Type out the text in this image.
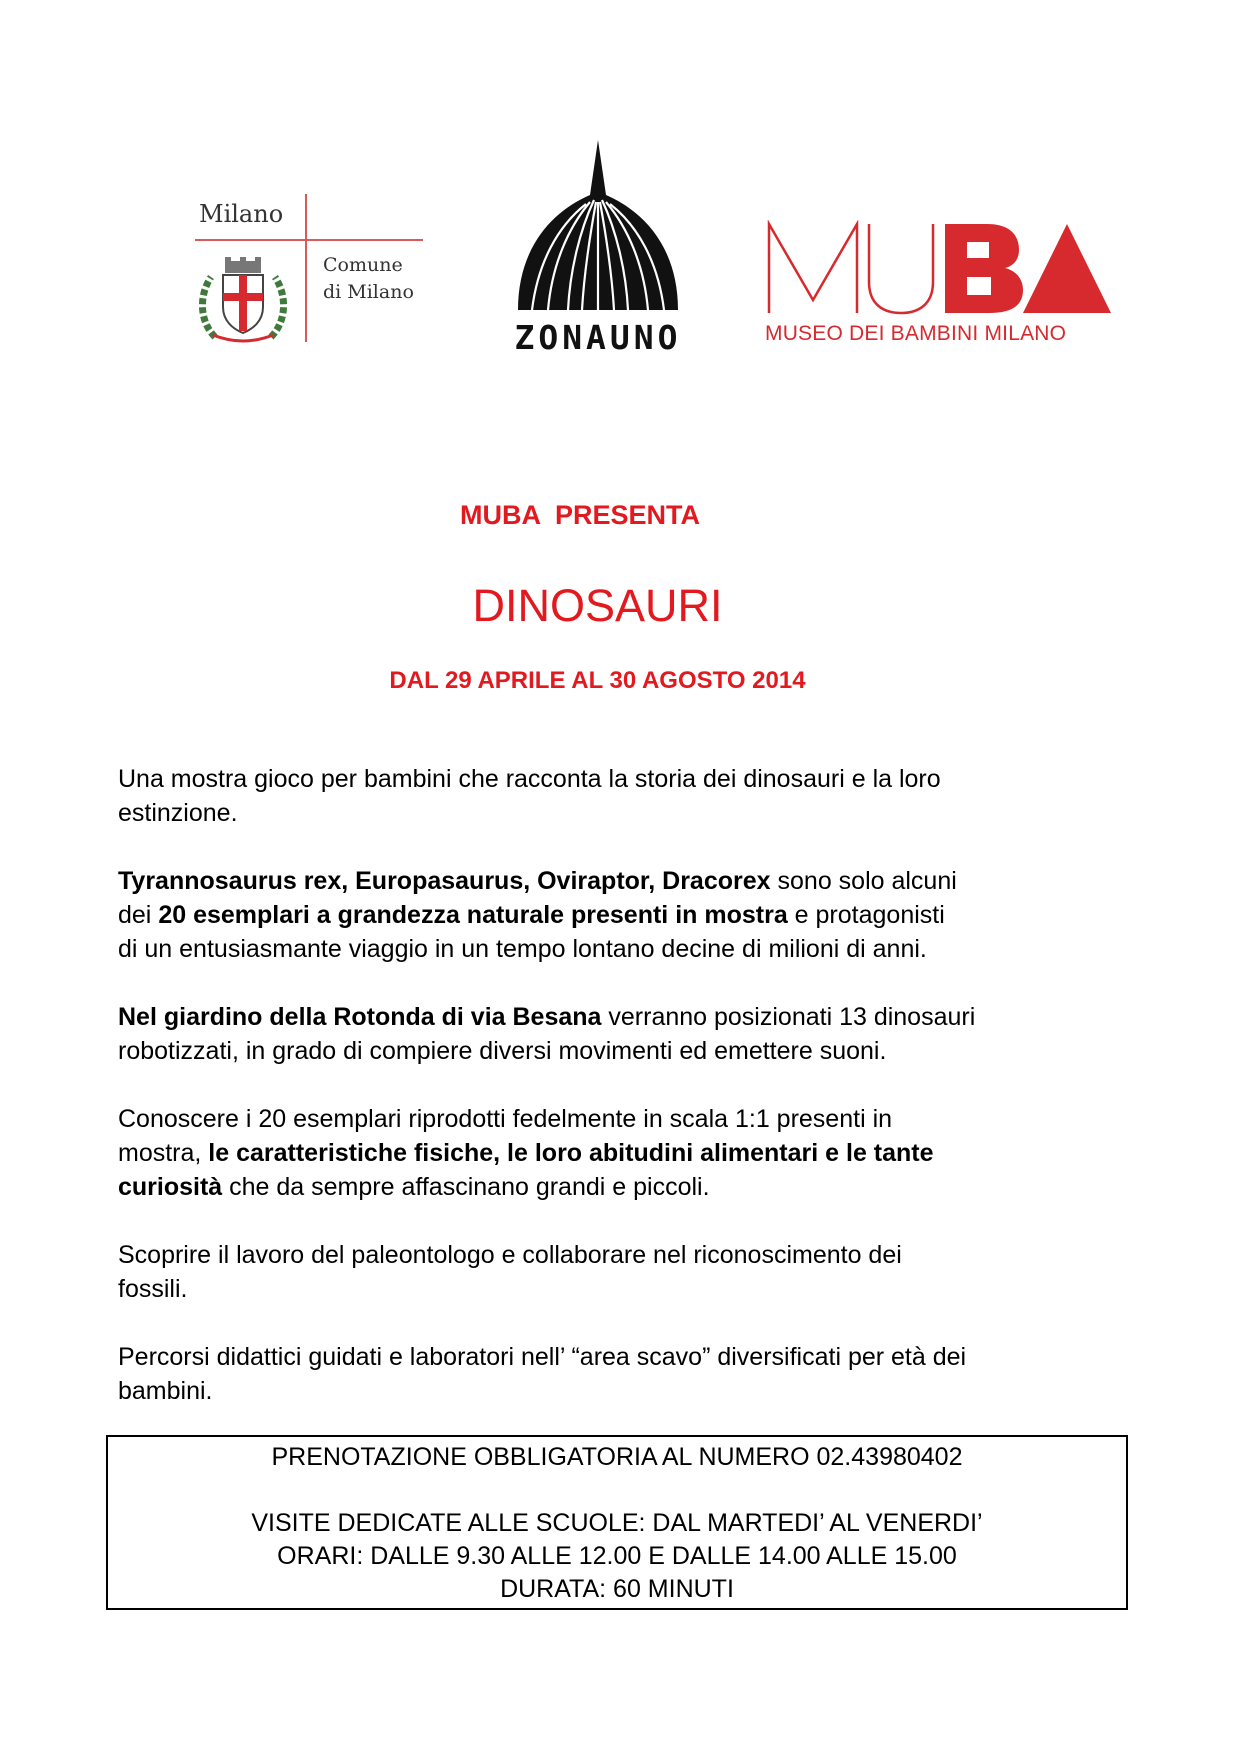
Milano
Comune
di Milano
ZONAUNO	MUSEO DEI BAMBINI MILANO
MUBA  PRESENTA
DINOSAURI
DAL 29 APRILE AL 30 AGOSTO 2014

Una mostra gioco per bambini che racconta la storia dei dinosauri e la loro
estinzione.

Tyrannosaurus rex, Europasaurus, Oviraptor, Dracorex sono solo alcuni
dei 20 esemplari a grandezza naturale presenti in mostra e protagonisti
di un entusiasmante viaggio in un tempo lontano decine di milioni di anni.

Nel giardino della Rotonda di via Besana verranno posizionati 13 dinosauri
robotizzati, in grado di compiere diversi movimenti ed emettere suoni.

Conoscere i 20 esemplari riprodotti fedelmente in scala 1:1 presenti in
mostra, le caratteristiche fisiche, le loro abitudini alimentari e le tante
curiosità che da sempre affascinano grandi e piccoli.

Scoprire il lavoro del paleontologo e collaborare nel riconoscimento dei
fossili.

Percorsi didattici guidati e laboratori nell’ “area scavo” diversificati per età dei
bambini.

PRENOTAZIONE OBBLIGATORIA AL NUMERO 02.43980402
VISITE DEDICATE ALLE SCUOLE: DAL MARTEDI’ AL VENERDI’
ORARI: DALLE 9.30 ALLE 12.00 E DALLE 14.00 ALLE 15.00
DURATA: 60 MINUTI
